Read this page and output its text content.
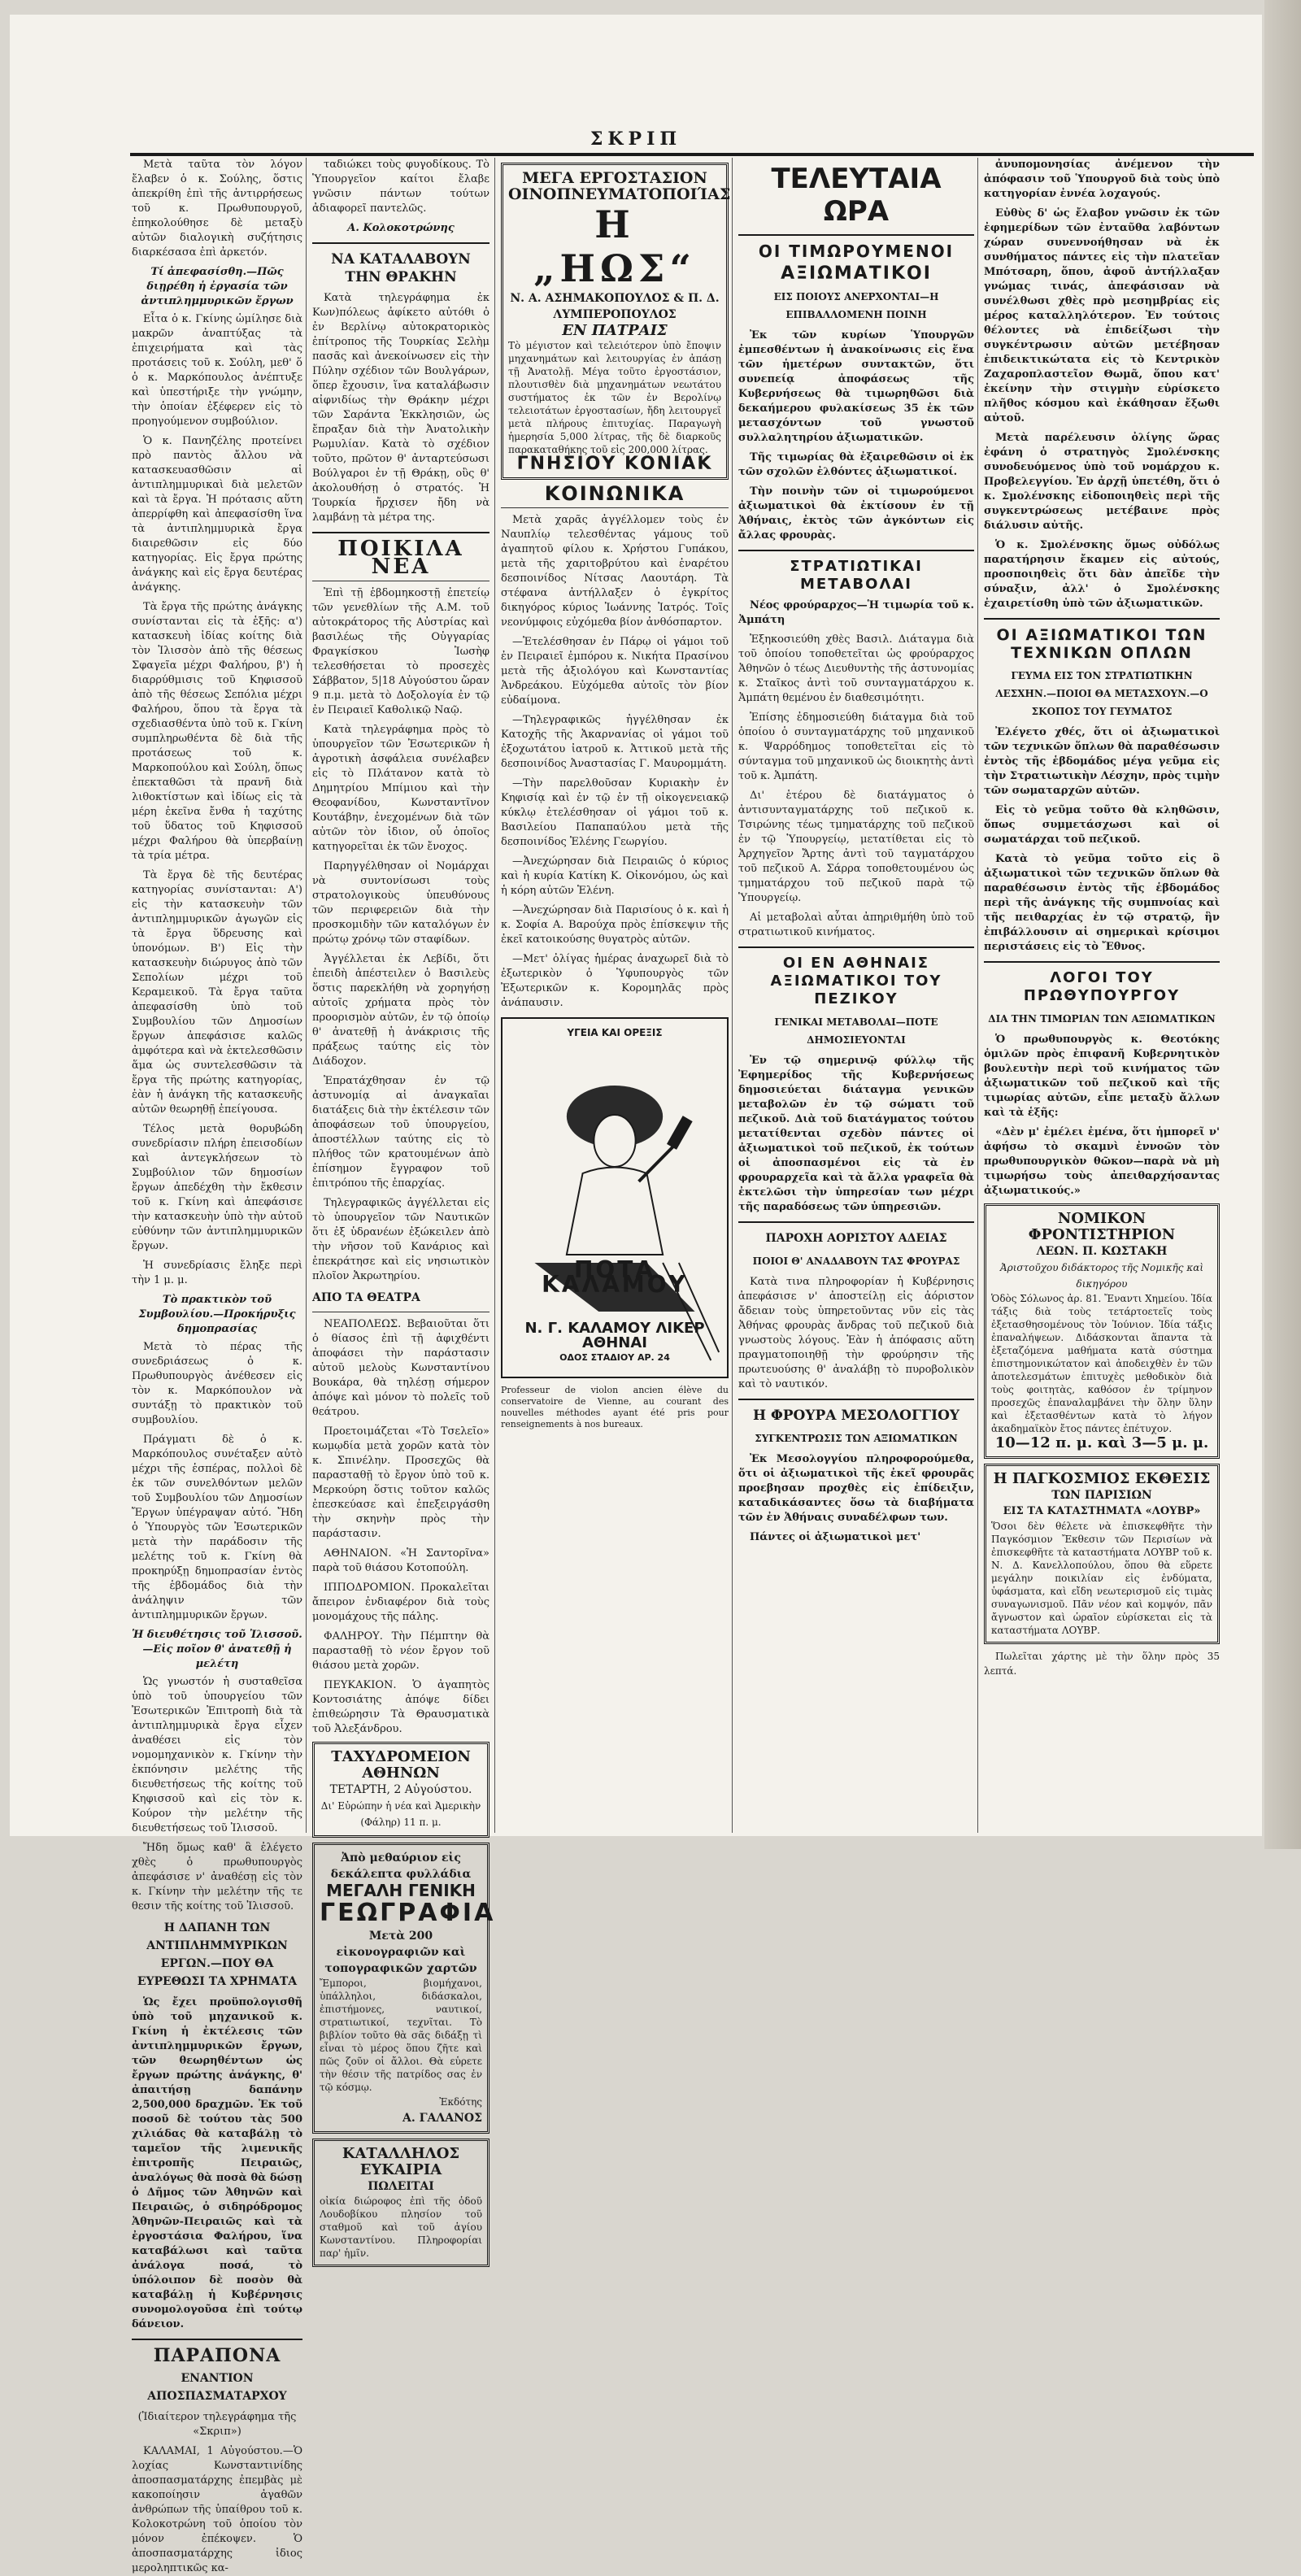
ΣΚΡΙΠ

Μετὰ ταῦτα τὸν λόγον ἔλαβεν ὁ κ. Σούλης, ὅστις ἀπεκρίθη ἐπὶ τῆς ἀντιρρήσεως τοῦ κ. Πρωθυπουργοῦ, ἐπηκολούθησε δὲ μεταξὺ αὐτῶν διαλογικὴ συζήτησις διαρκέσασα ἐπὶ ἀρκετόν.

Τί ἀπεφασίσθη.—Πῶς διῃρέθη ἡ ἐργασία τῶν ἀντιπλημμυρικῶν ἔργων

Εἶτα ὁ κ. Γκίνης ὡμίλησε διὰ μακρῶν ἀναπτύξας τὰ ἐπιχειρήματα καὶ τὰς προτάσεις τοῦ κ. Σούλη, μεθ' ὅ ὁ κ. Μαρκόπουλος ἀνέπτυξε καὶ ὑπεστήριξε τὴν γνώμην, τὴν ὁποίαν ἐξέφερεν εἰς τὸ προηγούμενον συμβούλιον.

Ὁ κ. Πανηζέλης προτείνει πρὸ παντὸς ἄλλου νὰ κατασκευασθῶσιν αἱ ἀντιπλημμυρικαὶ διὰ μελετῶν καὶ τὰ ἔργα. Ἡ πρότασις αὕτη ἀπερρίφθη καὶ ἀπεφασίσθη ἵνα τὰ ἀντιπλημμυρικὰ ἔργα διαιρεθῶσιν εἰς δύο κατηγορίας. Εἰς ἔργα πρώτης ἀνάγκης καὶ εἰς ἔργα δευτέρας ἀνάγκης.

Τὰ ἔργα τῆς πρώτης ἀνάγκης συνίστανται εἰς τὰ ἑξῆς: α') κατασκευὴ ἰδίας κοίτης διὰ τὸν Ἰλισσὸν ἀπὸ τῆς θέσεως Σφαγεῖα μέχρι Φαλήρου, β') ἡ διαρρύθμισις τοῦ Κηφισσοῦ ἀπὸ τῆς θέσεως Σεπόλια μέχρι Φαλήρου, ὅπου τὰ ἔργα τὰ σχεδιασθέντα ὑπὸ τοῦ κ. Γκίνη συμπληρωθέντα δὲ διὰ τῆς προτάσεως τοῦ κ. Μαρκοπούλου καὶ Σούλη, ὅπως ἐπεκταθῶσι τὰ πρανῆ διὰ λιθοκτίστων καὶ ἰδίως εἰς τὰ μέρη ἐκεῖνα ἔνθα ἡ ταχύτης τοῦ ὕδατος τοῦ Κηφισσοῦ μέχρι Φαλήρου θὰ ὑπερβαίνῃ τὰ τρία μέτρα.

Τὰ ἔργα δὲ τῆς δευτέρας κατηγορίας συνίστανται: Α') εἰς τὴν κατασκευὴν τῶν ἀντιπλημμυρικῶν ἀγωγῶν εἰς τὰ ἔργα ὕδρευσης καὶ ὑπονόμων. Β') Εἰς τὴν κατασκευὴν διώρυγος ἀπὸ τῶν Σεπολίων μέχρι τοῦ Κεραμεικοῦ. Τὰ ἔργα ταῦτα ἀπεφασίσθη ὑπὸ τοῦ Συμβουλίου τῶν Δημοσίων ἔργων ἀπεφάσισε καλῶς ἀμφότερα καὶ νὰ ἐκτελεσθῶσιν ἅμα ὡς συντελεσθῶσιν τὰ ἔργα τῆς πρώτης κατηγορίας, ἐὰν ἡ ἀνάγκη τῆς κατασκευῆς αὐτῶν θεωρηθῇ ἐπείγουσα.

Τέλος μετὰ θορυβώδη συνεδρίασιν πλήρη ἐπεισοδίων καὶ ἀντεγκλήσεων τὸ Συμβούλιον τῶν δημοσίων ἔργων ἀπεδέχθη τὴν ἔκθεσιν τοῦ κ. Γκίνη καὶ ἀπεφάσισε τὴν κατασκευὴν ὑπὸ τὴν αὐτοῦ εὐθύνην τῶν ἀντιπλημμυρικῶν ἔργων.

Ἡ συνεδρίασις ἔληξε περὶ τὴν 1 μ. μ.

Τὸ πρακτικὸν τοῦ Συμβουλίου.—Προκήρυξις δημοπρασίας

Μετὰ τὸ πέρας τῆς συνεδριάσεως ὁ κ. Πρωθυπουργὸς ἀνέθεσεν εἰς τὸν κ. Μαρκόπουλον νὰ συντάξῃ τὸ πρακτικὸν τοῦ συμβουλίου.

Πράγματι δὲ ὁ κ. Μαρκόπουλος συνέταξεν αὐτὸ μέχρι τῆς ἑσπέρας, πολλοὶ δὲ ἐκ τῶν συνελθόντων μελῶν τοῦ Συμβουλίου τῶν Δημοσίων Ἔργων ὑπέγραψαν αὐτό. Ἤδη ὁ Ὑπουργὸς τῶν Ἐσωτερικῶν μετὰ τὴν παράδοσιν τῆς μελέτης τοῦ κ. Γκίνη θὰ προκηρύξῃ δημοπρασίαν ἐντὸς τῆς ἑβδομάδος διὰ τὴν ἀνάληψιν τῶν ἀντιπλημμυρικῶν ἔργων.

Ἡ διευθέτησις τοῦ Ἰλισσοῦ.—Εἰς ποῖον θ' ἀνατεθῇ ἡ μελέτη

Ὡς γνωστόν ἡ συσταθεῖσα ὑπὸ τοῦ ὑπουργείου τῶν Ἐσωτερικῶν Ἐπιτροπὴ διὰ τὰ ἀντιπλημμυρικὰ ἔργα εἶχεν ἀναθέσει εἰς τὸν νομομηχανικὸν κ. Γκίνην τὴν ἐκπόνησιν μελέτης τῆς διευθετήσεως τῆς κοίτης τοῦ Κηφισσοῦ καὶ εἰς τὸν κ. Κούρον τὴν μελέτην τῆς διευθετήσεως τοῦ Ἰλισσοῦ.

Ἤδη ὅμως καθ' ἃ ἐλέγετο χθὲς ὁ πρωθυπουργὸς ἀπεφάσισε ν' ἀναθέσῃ εἰς τὸν κ. Γκίνην τὴν μελέτην τῆς τε θεσιν τῆς κοίτης τοῦ Ἰλισσοῦ.

Η ΔΑΠΑΝΗ ΤΩΝ ΑΝΤΙΠΛΗΜΜΥΡΙΚΩΝ ΕΡΓΩΝ.—ΠΟΥ ΘΑ ΕΥΡΕΘΩΣΙ ΤΑ ΧΡΗΜΑΤΑ

Ὡς ἔχει προϋπολογισθῆ ὑπὸ τοῦ μηχανικοῦ κ. Γκίνη ἡ ἐκτέλεσις τῶν ἀντιπλημμυρικῶν ἔργων, τῶν θεωρηθέντων ὡς ἔργων πρώτης ἀνάγκης, θ' ἀπαιτήσῃ δαπάνην 2,500,000 δραχμῶν. Ἐκ τοῦ ποσοῦ δὲ τούτου τὰς 500 χιλιάδας θὰ καταβάλῃ τὸ ταμεῖον τῆς λιμενικῆς ἐπιτροπῆς Πειραιῶς, ἀναλόγως θὰ ποσὰ θὰ δώσῃ ὁ Δῆμος τῶν Ἀθηνῶν καὶ Πειραιῶς, ὁ σιδηρόδρομος Ἀθηνῶν-Πειραιῶς καὶ τὰ ἐργοστάσια Φαλήρου, ἵνα καταβάλωσι καὶ ταῦτα ἀνάλογα ποσά, τὸ ὑπόλοιπον δὲ ποσὸν θὰ καταβάλῃ ἡ Κυβέρνησις συνομολογοῦσα ἐπὶ τούτῳ δάνειον.

ΠΑΡΑΠΟΝΑ
ΕΝΑΝΤΙΟΝ ΑΠΟΣΠΑΣΜΑΤΑΡΧΟΥ

(Ἰδιαίτερον τηλεγράφημα τῆς «Σκριπ»)

ΚΑΛΑΜΑΙ, 1 Αὐγούστου.—Ὁ λοχίας Κωνσταντινίδης ἀποσπασματάρχης ἐπεμβὰς μὲ κακοποίησιν ἀγαθῶν ἀνθρώπων τῆς ὑπαίθρου τοῦ κ. Κολοκοτρώνη τοῦ ὁποίου τὸν μόνον ἐπέκοψεν. Ὁ ἀποσπασματάρχης ἰδιος μεροληπτικῶς κα-

ταδιώκει τοὺς φυγοδίκους. Τὸ Ὑπουργεῖον καίτοι ἔλαβε γνῶσιν πάντων τούτων ἀδιαφορεῖ παντελῶς.

Α. Κολοκοτρώνης
ΝΑ ΚΑΤΑΛΑΒΟΥΝ ΤΗΝ ΘΡΑΚΗΝ

Κατὰ τηλεγράφημα ἐκ Κων)πόλεως ἀφίκετο αὐτόθι ὁ ἐν Βερλίνῳ αὐτοκρατορικὸς ἐπίτροπος τῆς Τουρκίας Σελὴμ πασᾶς καὶ ἀνεκοίνωσεν εἰς τὴν Πύλην σχέδιον τῶν Βουλγάρων, ὅπερ ἔχουσιν, ἵνα καταλάβωσιν αἰφνιδίως τὴν Θράκην μέχρι τῶν Σαράντα Ἐκκλησιῶν, ὡς ἔπραξαν διὰ τὴν Ἀνατολικὴν Ρωμυλίαν. Κατὰ τὸ σχέδιον τοῦτο, πρῶτον θ' ἀνταρτεύσωσι Βούλγαροι ἐν τῇ Θράκῃ, οὓς θ' ἀκολουθήσῃ ὁ στρατός. Ἡ Τουρκία ἤρχισεν ἤδη νὰ λαμβάνῃ τὰ μέτρα της.

ΠΟΙΚΙΛΑ ΝΕΑ

Ἐπὶ τῇ ἑβδομηκοστῇ ἐπετείῳ τῶν γενεθλίων τῆς Α.Μ. τοῦ αὐτοκράτορος τῆς Αὐστρίας καὶ βασιλέως τῆς Οὐγγαρίας Φραγκίσκου Ἰωσὴφ τελεσθήσεται τὸ προσεχὲς Σάββατον, 5|18 Αὐγούστου ὥραν 9 π.μ. μετὰ τὸ Δοξολογία ἐν τῷ ἐν Πειραιεῖ Καθολικῷ Ναῷ.

Κατὰ τηλεγράφημα πρὸς τὸ ὑπουργεῖον τῶν Ἐσωτερικῶν ἡ ἀγροτικὴ ἀσφάλεια συνέλαβεν εἰς τὸ Πλάτανον κατὰ τὸ Δημητρίου Μπίμιου καὶ τὴν Θεοφανίδου, Κωνσταντῖνον Κουτάβην, ἐνεχομένων διὰ τῶν αὐτῶν τὸν ἰδιον, οὗ ὁποῖος κατηγορεῖται ἐκ τῶν ἔνοχος.

Παρηγγέλθησαν οἱ Νομάρχαι νὰ συντονίσωσι τοὺς στρατολογικοὺς ὑπευθύνους τῶν περιφερειῶν διὰ τὴν προσκομιδὴν τῶν καταλόγων ἐν πρώτῳ χρόνῳ τῶν σταφίδων.

Ἀγγέλλεται ἐκ Λεβίδι, ὅτι ἐπειδὴ ἀπέστειλεν ὁ Βασιλεὺς ὅστις παρεκλήθη νὰ χορηγήσῃ αὐτοῖς χρήματα πρὸς τὸν προορισμὸν αὐτῶν, ἐν τῷ ὁποίῳ θ' ἀνατεθῇ ἡ ἀνάκρισις τῆς πράξεως ταύτης εἰς τὸν Διάδοχον.

Ἐπρατάχθησαν ἐν τῷ ἀστυνομίᾳ αἱ ἀναγκαῖαι διατάξεις διὰ τὴν ἐκτέλεσιν τῶν ἀποφάσεων τοῦ ὑπουργείου, ἀποστέλλων ταύτης εἰς τὸ πλήθος τῶν κρατουμένων ἀπὸ ἐπίσημον ἔγγραφον τοῦ ἐπιτρόπου τῆς ἐπαρχίας.

Τηλεγραφικῶς ἀγγέλλεται εἰς τὸ ὑπουργεῖον τῶν Ναυτικῶν ὅτι ἐξ ὑδρανέων ἐξώκειλεν ἀπὸ τὴν νῆσον τοῦ Κανάριος καὶ ἐπεκράτησε καὶ εἰς νησιωτικὸν πλοῖον Ἀκρωτηρίου.

ΑΠΟ ΤΑ ΘΕΑΤΡΑ

ΝΕΑΠΟΛΕΩΣ. Βεβαιοῦται ὅτι ὁ θίασος ἐπὶ τῇ ἀφιχθέντι ἀποφάσει τὴν παράστασιν αὐτοῦ μελοὺς Κωνσταντίνου Βουκάρα, θὰ τηλέσῃ σήμερον ἀπόψε καὶ μόνον τὸ πολεῖς τοῦ θεάτρου.

Προετοιμάζεται «Τὸ Τσελεῖο» κωμῳδία μετὰ χορῶν κατὰ τὸν κ. Σπινέλην. Προσεχῶς θὰ παρασταθῇ τὸ ἔργον ὑπὸ τοῦ κ. Μερκούρη ὅστις τοῦτον καλῶς ἐπεσκεύασε καὶ ἐπεξειργάσθη τὴν σκηνὴν πρὸς τὴν παράστασιν.

ΑΘΗΝΑΙΟΝ. «Ἡ Σαντορῖνα» παρὰ τοῦ θιάσου Κοτοπούλη.

ΙΠΠΟΔΡΟΜΙΟΝ. Προκαλεῖται ἄπειρον ἐνδιαφέρον διὰ τοὺς μονομάχους τῆς πάλης.

ΦΑΛΗΡΟΥ. Τὴν Πέμπτην θὰ παρασταθῇ τὸ νέον ἔργον τοῦ θιάσου μετὰ χορῶν.

ΠΕΥΚΑΚΙΟΝ. Ὁ ἀγαπητὸς Κοντοσιάτης ἀπόψε δίδει ἐπιθεώρησιν Τὰ Θραυσματικὰ τοῦ Ἀλεξάνδρου.

ΤΑΧΥΔΡΟΜΕΙΟΝ ΑΘΗΝΩΝ
ΤΕΤΑΡΤΗ, 2 Αὐγούστου.
Δι' Εὐρώπην ἡ νέα καὶ Ἀμερικὴν (Φάληρ) 11 π. μ.
Ἀπὸ μεθαύριον εἰς δεκάλεπτα φυλλάδια
ΜΕΓΑΛΗ ΓΕΝΙΚΗ
ΓΕΩΓΡΑΦΙΑ
Μετὰ 200 εἰκονογραφιῶν καὶ τοπογραφικῶν χαρτῶν
Ἔμποροι, βιομήχανοι, ὑπάλληλοι, διδάσκαλοι, ἐπιστήμονες, ναυτικοί, στρατιωτικοί, τεχνῖται. Τὸ βιβλίον τοῦτο θὰ σᾶς διδάξῃ τὶ εἶναι τὸ μέρος ὅπου ζῆτε καὶ πῶς ζοῦν οἱ ἄλλοι. Θὰ εὑρετε τὴν θέσιν τῆς πατρίδος σας ἐν τῷ κόσμῳ.
Ἐκδότης
Α. ΓΑΛΑΝΟΣ
ΚΑΤΑΛΛΗΛΟΣ ΕΥΚΑΙΡΙΑ
ΠΩΛΕΙΤΑΙ
οἰκία διώροφος ἐπὶ τῆς ὁδοῦ Λουδοβίκου πλησίον τοῦ σταθμοῦ καὶ τοῦ ἁγίου Κωνσταντίνου. Πληροφορίαι παρ' ἡμῖν.
ΜΕΓΑ ΕΡΓΟΣΤΑΣΙΟΝ ΟΙΝΟΠΝΕΥΜΑΤΟΠΟΙΊΑΣ
Η „ΗΩΣ“
Ν. Α. ΑΣΗΜΑΚΟΠΟΥΛΟΣ & Π. Δ. ΛΥΜΠΕΡΟΠΟΥΛΟΣ
ΕΝ ΠΑΤΡΑΙΣ
Τὸ μέγιστον καὶ τελειότερον ὑπὸ ἔποψιν μηχανημάτων καὶ λειτουργίας ἐν ἀπάσῃ τῇ Ἀνατολῇ. Μέγα τοῦτο ἐργοστάσιον, πλουτισθὲν διὰ μηχανημάτων νεωτάτου συστήματος ἐκ τῶν ἐν Βερολίνῳ τελειοτάτων ἐργοστασίων, ἤδη λειτουργεῖ μετὰ πλήρους ἐπιτυχίας. Παραγωγὴ ἡμερησία 5,000 λίτρας, τῆς δὲ διαρκοῦς παρακαταθήκης τοῦ εἰς 200,000 λίτρας.
ΓΝΗΣΙΟΥ ΚΟΝΙΑΚ
ΚΟΙΝΩΝΙΚΑ

Μετὰ χαρᾶς ἀγγέλλομεν τοὺς ἐν Ναυπλίῳ τελεσθέντας γάμους τοῦ ἀγαπητοῦ φίλου κ. Χρήστου Γυπάκου, μετὰ τῆς χαριτοβρύτου καὶ ἐναρέτου δεσποινίδος Νίτσας Λαουτάρη. Τὰ στέφανα ἀντήλλαξεν ὁ ἐγκρίτος δικηγόρος κύριος Ἰωάννης Ἰατρός. Τοῖς νεονύμφοις εὐχόμεθα βίον ἀνθόσπαρτον.

—Ἐτελέσθησαν ἐν Πάρῳ οἱ γάμοι τοῦ ἐν Πειραιεῖ ἐμπόρου κ. Νικήτα Πρασίνου μετὰ τῆς ἀξιολόγου καὶ Κωνσταντίας Ἀνδρεάκου. Εὐχόμεθα αὐτοῖς τὸν βίον εὐδαίμονα.

—Τηλεγραφικῶς ἠγγέλθησαν ἐκ Κατοχῆς τῆς Ἀκαρνανίας οἱ γάμοι τοῦ ἐξοχωτάτου ἰατροῦ κ. Ἀττικοῦ μετὰ τῆς δεσποινίδος Ἀναστασίας Γ. Μαυρομμάτη.

—Τὴν παρελθοῦσαν Κυριακὴν ἐν Κηφισίᾳ καὶ ἐν τῷ ἐν τῇ οἰκογενειακῷ κύκλῳ ἐτελέσθησαν οἱ γάμοι τοῦ κ. Βασιλείου Παπαπαύλου μετὰ τῆς δεσποινίδος Ἑλένης Γεωργίου.

—Ἀνεχώρησαν διὰ Πειραιῶς ὁ κύριος καὶ ἡ κυρία Κατίκη Κ. Οἰκονόμου, ὡς καὶ ἡ κόρη αὐτῶν Ἑλένη.

—Ἀνεχώρησαν διὰ Παρισίους ὁ κ. καὶ ἡ κ. Σοφία Α. Βαρούχα πρὸς ἐπίσκεψιν τῆς ἐκεῖ κατοικούσης θυγατρὸς αὐτῶν.

—Μετ' ὀλίγας ἡμέρας ἀναχωρεῖ διὰ τὸ ἐξωτερικὸν ὁ Ὑφυπουργὸς τῶν Ἐξωτερικῶν κ. Κορομηλᾶς πρὸς ἀνάπαυσιν.

ΥΓΕΙΑ ΚΑΙ ΟΡΕΞΙΣ
ΠΟΤΑ ΚΑΛΑΜΟΥ
Ν. Γ. ΚΑΛΑΜΟΥ ΛΙΚΕΡ ΑΘΗΝΑΙ
ΟΔΟΣ ΣΤΑΔΙΟΥ ΑΡ. 24
Professeur de violon ancien élève du conservatoire de Vienne, au courant des nouvelles méthodes ayant été pris pour renseignements à nos bureaux.
ΤΕΛΕΥΤΑΙΑ ΩΡΑ
ΟΙ ΤΙΜΩΡΟΥΜΕΝΟΙ
ΑΞΙΩΜΑΤΙΚΟΙ
ΕΙΣ ΠΟΙΟΥΣ ΑΝΕΡΧΟΝΤΑΙ—Η ΕΠΙΒΑΛΛΟΜΕΝΗ ΠΟΙΝΗ

Ἐκ τῶν κυρίων Ὑπουργῶν ἐμπεσθέντων ἡ ἀνακοίνωσις εἰς ἕνα τῶν ἡμετέρων συντακτῶν, ὅτι συνεπείᾳ ἀποφάσεως τῆς Κυβερνήσεως θὰ τιμωρηθῶσι διὰ δεκαήμερου φυλακίσεως 35 ἐκ τῶν μετασχόντων τοῦ γνωστοῦ συλλαλητηρίου ἀξιωματικῶν.

Τῆς τιμωρίας θὰ ἐξαιρεθῶσιν οἱ ἐκ τῶν σχολῶν ἐλθόντες ἀξιωματικοί.

Τὴν ποινὴν τῶν οἱ τιμωρούμενοι ἀξιωματικοὶ θὰ ἐκτίσουν ἐν τῇ Ἀθήναις, ἐκτὸς τῶν ἀγκόντων εἰς ἄλλας φρουρὰς.

ΣΤΡΑΤΙΩΤΙΚΑΙ ΜΕΤΑΒΟΛΑΙ

Νέος φρούραρχος—Ἡ τιμωρία τοῦ κ. Ἀμπάτη

Ἐξηκοσιεύθη χθὲς Βασιλ. Διάταγμα διὰ τοῦ ὁποίου τοποθετεῖται ὡς φρούραρχος Ἀθηνῶν ὁ τέως Διευθυντὴς τῆς ἀστυνομίας κ. Σταῖκος ἀντὶ τοῦ συνταγματάρχου κ. Ἀμπάτη θεμένου ἐν διαθεσιμότητι.

Ἐπίσης ἐδημοσιεύθη διάταγμα διὰ τοῦ ὁποίου ὁ συνταγματάρχης τοῦ μηχανικοῦ κ. Ψαρρόδημος τοποθετεῖται εἰς τὸ σύνταγμα τοῦ μηχανικοῦ ὡς διοικητὴς ἀντὶ τοῦ κ. Ἀμπάτη.

Δι' ἑτέρου δὲ διατάγματος ὁ ἀντισυνταγματάρχης τοῦ πεζικοῦ κ. Τσιρώνης τέως τμηματάρχης τοῦ πεζικοῦ ἐν τῷ Ὑπουργείῳ, μετατίθεται εἰς τὸ Ἀρχηγεῖον Ἄρτης ἀντὶ τοῦ ταγματάρχου τοῦ πεζικοῦ Α. Σάρρα τοποθετουμένου ὡς τμηματάρχου τοῦ πεζικοῦ παρὰ τῷ Ὑπουργείῳ.

Αἱ μεταβολαὶ αὗται ἀπηριθμήθη ὑπὸ τοῦ στρατιωτικοῦ κινήματος.

ΟΙ ΕΝ ΑΘΗΝΑΙΣ ΑΞΙΩΜΑΤΙΚΟΙ ΤΟΥ ΠΕΖΙΚΟΥ
ΓΕΝΙΚΑΙ ΜΕΤΑΒΟΛΑΙ—ΠΟΤΕ ΔΗΜΟΣΙΕΥΟΝΤΑΙ

Ἐν τῷ σημερινῷ φύλλῳ τῆς Ἐφημερίδος τῆς Κυβερνήσεως δημοσιεύεται διάταγμα γενικῶν μεταβολῶν ἐν τῷ σώματι τοῦ πεζικοῦ. Διὰ τοῦ διατάγματος τούτου μετατίθενται σχεδὸν πάντες οἱ ἀξιωματικοὶ τοῦ πεζικοῦ, ἐκ τούτων οἱ ἀποσπασμένοι εἰς τὰ ἐν φρουραρχεῖα καὶ τὰ ἄλλα γραφεῖα θὰ ἐκτελῶσι τὴν ὑπηρεσίαν των μέχρι τῆς παραδόσεως τῶν ὑπηρεσιῶν.

ΠΑΡΟΧΗ ΑΟΡΙΣΤΟΥ ΑΔΕΙΑΣ
ΠΟΙΟΙ Θ' ΑΝΑΔΑΒΟΥΝ ΤΑΣ ΦΡΟΥΡΑΣ

Κατὰ τινα πληροφορίαν ἡ Κυβέρνησις ἀπεφάσισε ν' ἀποστείλῃ εἰς ἀόριστον ἄδειαν τοὺς ὑπηρετοῦντας νῦν εἰς τὰς Ἀθήνας φρουρὰς ἄνδρας τοῦ πεζικοῦ διὰ γνωστοὺς λόγους. Ἐὰν ἡ ἀπόφασις αὕτη πραγματοποιηθῇ τὴν φρούρησιν τῆς πρωτευούσης θ' ἀναλάβῃ τὸ πυροβολικὸν καὶ τὸ ναυτικόν.

Η ΦΡΟΥΡΑ ΜΕΣΟΛΟΓΓΙΟΥ
ΣΥΓΚΕΝΤΡΩΣΙΣ ΤΩΝ ΑΞΙΩΜΑΤΙΚΩΝ

Ἐκ Μεσολογγίου πληροφορούμεθα, ὅτι οἱ ἀξιωματικοὶ τῆς ἐκεῖ φρουρᾶς προεβησαν προχθὲς εἰς ἐπίδειξιν, καταδικάσαντες ὅσω τὰ διαβήματα τῶν ἐν Ἀθήναις συναδέλφων των.

Πάντες οἱ ἀξιωματικοὶ μετ'

ἀνυπομονησίας ἀνέμενον τὴν ἀπόφασιν τοῦ Ὑπουργοῦ διὰ τοὺς ὑπὸ κατηγορίαν ἐννέα λοχαγούς.

Εὐθὺς δ' ὡς ἔλαβον γνῶσιν ἐκ τῶν ἐφημερίδων τῶν ἐνταῦθα λαβόντων χώραν συνεννοήθησαν νὰ ἐκ συνθήματος πάντες εἰς τὴν πλατεῖαν Μπότσαρη, ὅπου, ἀφοῦ ἀντήλλαξαν γνώμας τινάς, ἀπεφάσισαν νὰ συνέλθωσι χθὲς πρὸ μεσημβρίας εἰς μέρος καταλληλότερον. Ἐν τούτοις θέλοντες νὰ ἐπιδείξωσι τὴν συγκέντρωσιν αὐτῶν μετέβησαν ἐπιδεικτικώτατα εἰς τὸ Κεντρικὸν Ζαχαροπλαστεῖον Θωμᾶ, ὅπου κατ' ἐκείνην τὴν στιγμὴν εὑρίσκετο πλῆθος κόσμου καὶ ἐκάθησαν ἔξωθι αὐτοῦ.

Μετὰ παρέλευσιν ὀλίγης ὥρας ἐφάνη ὁ στρατηγὸς Σμολένσκης συνοδευόμενος ὑπὸ τοῦ νομάρχου κ. Προβελεγγίου. Ἐν ἀρχῇ ὑπετέθη, ὅτι ὁ κ. Σμολένσκης εἰδοποιηθεὶς περὶ τῆς συγκεντρώσεως μετέβαινε πρὸς διάλυσιν αὐτῆς.

Ὁ κ. Σμολένσκης ὅμως οὐδόλως παρατήρησιν ἔκαμεν εἰς αὐτούς, προσποιηθεὶς ὅτι δὰν ἀπεῖδε τὴν σύναξιν, ἀλλ' ὁ Σμολένσκης ἐχαιρετίσθη ὑπὸ τῶν ἀξιωματικῶν.

ΟΙ ΑΞΙΩΜΑΤΙΚΟΙ ΤΩΝ ΤΕΧΝΙΚΩΝ ΟΠΛΩΝ
ΓΕΥΜΑ ΕΙΣ ΤΟΝ ΣΤΡΑΤΙΩΤΙΚΗΝ ΛΕΣΧΗΝ.—ΠΟΙΟΙ ΘΑ ΜΕΤΑΣΧΟΥΝ.—Ο ΣΚΟΠΟΣ ΤΟΥ ΓΕΥΜΑΤΟΣ

Ἐλέγετο χθές, ὅτι οἱ ἀξιωματικοὶ τῶν τεχνικῶν ὅπλων θὰ παραθέσωσιν ἐντὸς τῆς ἑβδομάδος μέγα γεῦμα εἰς τὴν Στρατιωτικὴν Λέσχην, πρὸς τιμὴν τῶν σωματαρχῶν αὐτῶν.

Εἰς τὸ γεῦμα τοῦτο θὰ κληθῶσιν, ὅπως συμμετάσχωσι καὶ οἱ σωματάρχαι τοῦ πεζικοῦ.

Κατὰ τὸ γεῦμα τοῦτο εἰς ὃ ἀξιωματικοὶ τῶν τεχνικῶν ὅπλων θὰ παραθέσωσιν ἐντὸς τῆς ἑβδομάδος περὶ τῆς ἀνάγκης τῆς συμπνοίας καὶ τῆς πειθαρχίας ἐν τῷ στρατῷ, ἣν ἐπιβάλλουσιν αἱ σημερικαὶ κρίσιμοι περιστάσεις εἰς τὸ Ἔθνος.

ΛΟΓΟΙ ΤΟΥ ΠΡΩΘΥΠΟΥΡΓΟΥ
ΔΙΑ ΤΗΝ ΤΙΜΩΡΙΑΝ ΤΩΝ ΑΞΙΩΜΑΤΙΚΩΝ

Ὁ πρωθυπουργὸς κ. Θεοτόκης ὁμιλῶν πρὸς ἐπιφανῆ Κυβερνητικὸν βουλευτὴν περὶ τοῦ κινήματος τῶν ἀξιωματικῶν τοῦ πεζικοῦ καὶ τῆς τιμωρίας αὐτῶν, εἶπε μεταξὺ ἄλλων καὶ τὰ ἑξῆς:

«Δὲν μ' ἐμέλει ἐμένα, ὅτι ἡμπορεῖ ν' ἀφήσω τὸ σκαμνὶ ἐννοῶν τὸν πρωθυπουργικὸν θῶκον—παρὰ νὰ μὴ τιμωρήσω τοὺς ἀπειθαρχήσαντας ἀξιωματικούς.»

ΝΟΜΙΚΟΝ ΦΡΟΝΤΙΣΤΗΡΙΟΝ
ΛΕΩΝ. Π. ΚΩΣΤΑΚΗ
Ἀριστοῦχου διδάκτορος τῆς Νομικῆς καὶ δικηγόρου
Ὁδὸς Σόλωνος ἀρ. 81. Ἔναντι Χημείου. Ἰδία τάξις διὰ τοὺς τετάρτοετεῖς τοὺς ἐξετασθησομένους τὸν Ἰούνιον. Ἰδία τάξις ἐπαναλήψεων. Διδάσκονται ἅπαντα τὰ ἐξεταζόμενα μαθήματα κατὰ σύστημα ἐπιστημονικώτατον καὶ ἀποδειχθὲν ἐν τῶν ἀποτελεσμάτων ἐπιτυχὲς μεθοδικὸν διὰ τοὺς φοιτητὰς, καθόσον ἐν τρίμηνον προσεχῶς ἐπαναλαμβάνει τὴν ὅλην ὕλην καὶ ἐξετασθέντων κατὰ τὸ λήγον ἀκαδημαϊκὸν ἔτος πάντες ἐπέτυχον.
10—12 π. μ. καὶ 3—5 μ. μ.
Η ΠΑΓΚΟΣΜΙΟΣ ΕΚΘΕΣΙΣ
ΤΩΝ ΠΑΡΙΣΙΩΝ
ΕΙΣ ΤΑ ΚΑΤΑΣΤΗΜΑΤΑ «ΛΟΥΒΡ»
Ὅσοι δὲν θέλετε νὰ ἐπισκεφθῆτε τὴν Παγκόσμιον Ἔκθεσιν τῶν Περισίων νὰ ἐπισκεφθῆτε τὰ καταστήματα ΛΟΥΒΡ τοῦ κ. Ν. Δ. Κανελλοπούλου, ὅπου θὰ εὕρετε μεγάλην ποικιλίαν εἰς ἐνδύματα, ὑφάσματα, καὶ εἴδη νεωτερισμοῦ εἰς τιμὰς συναγωνισμοῦ. Πᾶν νέον καὶ κομψόν, πᾶν ἄγνωστον καὶ ὡραῖον εὑρίσκεται εἰς τὰ καταστήματα ΛΟΥΒΡ.

Πωλεῖται χάρτης μὲ τὴν ὅλην πρὸς 35 λεπτά.
